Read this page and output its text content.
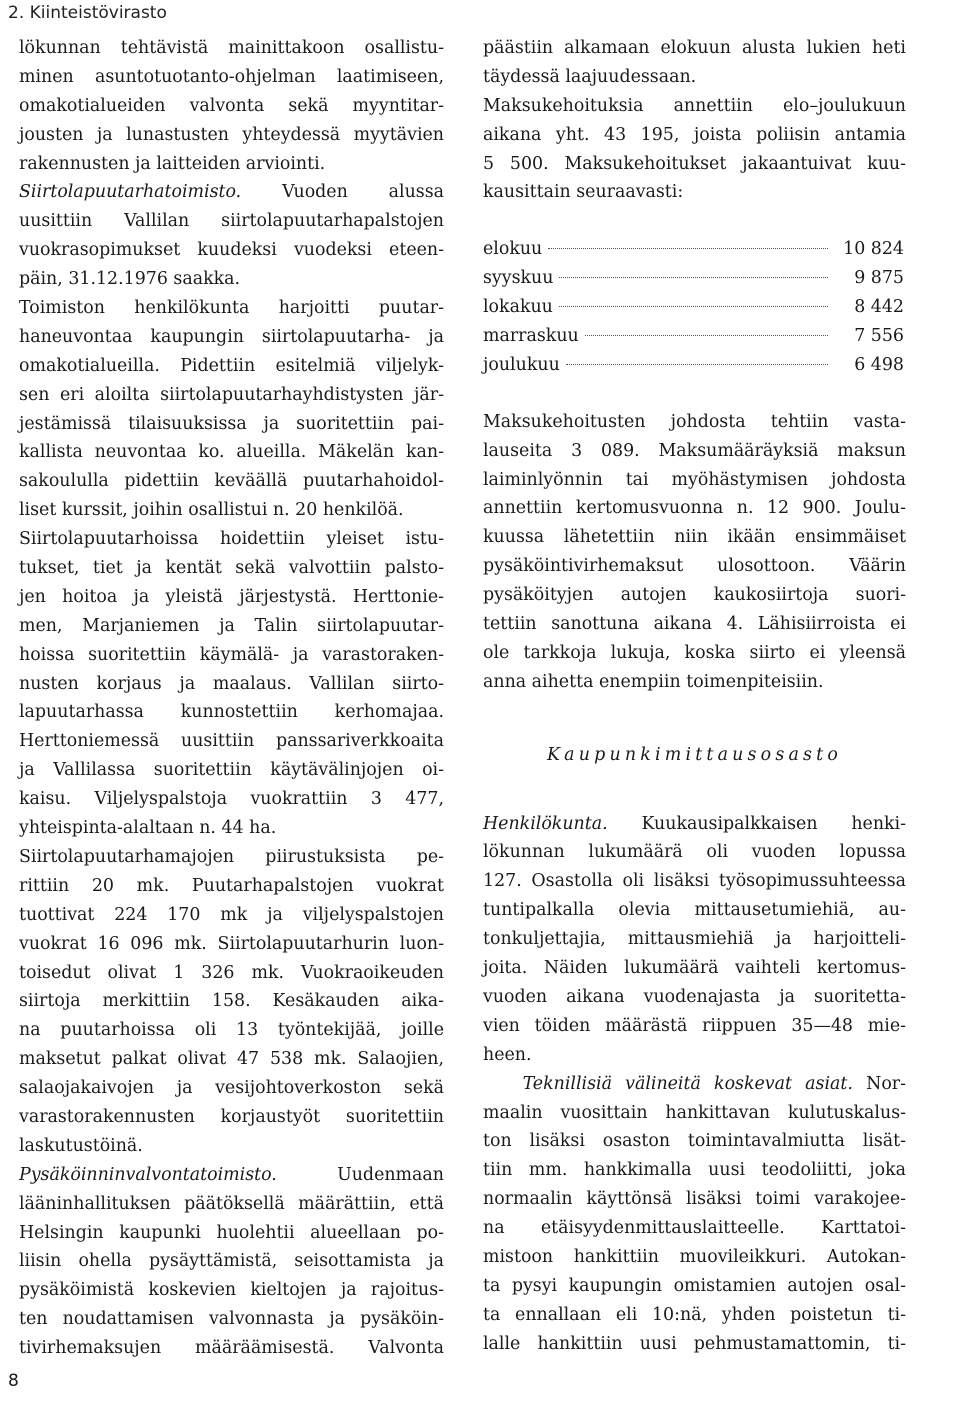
2. Kiinteistövirasto
lökunnan tehtävistä mainittakoon osallistu-
minen asuntotuotanto-ohjelman laatimiseen,
omakotialueiden valvonta sekä myyntitar-
jousten ja lunastusten yhteydessä myytävien
rakennusten ja laitteiden arviointi.
Siirtolapuutarhatoimisto. Vuoden alussa
uusittiin Vallilan siirtolapuutarhapalstojen
vuokrasopimukset kuudeksi vuodeksi eteen-
päin, 31.12.1976 saakka.
Toimiston henkilökunta harjoitti puutar-
haneuvontaa kaupungin siirtolapuutarha- ja
omakotialueilla. Pidettiin esitelmiä viljelyk-
sen eri aloilta siirtolapuutarhayhdistysten jär-
jestämissä tilaisuuksissa ja suoritettiin pai-
kallista neuvontaa ko. alueilla. Mäkelän kan-
sakoululla pidettiin keväällä puutarhahoidol-
liset kurssit, joihin osallistui n. 20 henkilöä.
Siirtolapuutarhoissa hoidettiin yleiset istu-
tukset, tiet ja kentät sekä valvottiin palsto-
jen hoitoa ja yleistä järjestystä. Herttonie-
men, Marjaniemen ja Talin siirtolapuutar-
hoissa suoritettiin käymälä- ja varastoraken-
nusten korjaus ja maalaus. Vallilan siirto-
lapuutarhassa kunnostettiin kerhomajaa.
Herttoniemessä uusittiin panssariverkkoaita
ja Vallilassa suoritettiin käytävälinjojen oi-
kaisu. Viljelyspalstoja vuokrattiin 3 477,
yhteispinta-alaltaan n. 44 ha.
Siirtolapuutarhamajojen piirustuksista pe-
rittiin 20 mk. Puutarhapalstojen vuokrat
tuottivat 224 170 mk ja viljelyspalstojen
vuokrat 16 096 mk. Siirtolapuutarhurin luon-
toisedut olivat 1 326 mk. Vuokraoikeuden
siirtoja merkittiin 158. Kesäkauden aika-
na puutarhoissa oli 13 työntekijää, joille
maksetut palkat olivat 47 538 mk. Salaojien,
salaojakaivojen ja vesijohtoverkoston sekä
varastorakennusten korjaustyöt suoritettiin
laskutustöinä.
Pysäköinninvalvontatoimisto.	Uudenmaan
lääninhallituksen päätöksellä määrättiin, että
Helsingin kaupunki huolehtii alueellaan po-
liisin ohella pysäyttämistä, seisottamista ja
pysäköimistä koskevien kieltojen ja rajoitus-
ten noudattamisen valvonnasta ja pysäköin-
tivirhemaksujen määräämisestä. Valvonta
päästiin alkamaan elokuun alusta lukien heti
täydessä laajuudessaan.
Maksukehoituksia annettiin elo–joulukuun
aikana yht. 43 195, joista poliisin antamia
5 500. Maksukehoitukset jakaantuivat kuu-
kausittain seuraavasti:
elokuu	10 824
syyskuu	9 875
lokakuu	8 442
marraskuu	7 556
joulukuu	6 498
Maksukehoitusten johdosta tehtiin vasta-
lauseita 3 089. Maksumääräyksiä maksun
laiminlyönnin tai myöhästymisen johdosta
annettiin kertomusvuonna n. 12 900. Joulu-
kuussa lähetettiin niin ikään ensimmäiset
pysäköintivirhemaksut ulosottoon. Väärin
pysäköityjen autojen kaukosiirtoja suori-
tettiin sanottuna aikana 4. Lähisiirroista ei
ole tarkkoja lukuja, koska siirto ei yleensä
anna aihetta enempiin toimenpiteisiin.
Kaupunkimittausosasto
Henkilökunta. Kuukausipalkkaisen henki-
lökunnan lukumäärä oli vuoden lopussa
127. Osastolla oli lisäksi työsopimussuhteessa
tuntipalkalla olevia mittausetumiehiä, au-
tonkuljettajia, mittausmiehiä ja harjoitteli-
joita. Näiden lukumäärä vaihteli kertomus-
vuoden aikana vuodenajasta ja suoritetta-
vien töiden määrästä riippuen 35—48 mie-
heen.
Teknillisiä välineitä koskevat asiat. Nor-
maalin vuosittain hankittavan kulutuskalus-
ton lisäksi osaston toimintavalmiutta lisät-
tiin mm. hankkimalla uusi teodoliitti, joka
normaalin käyttönsä lisäksi toimi varakojee-
na etäisyydenmittauslaitteelle. Karttatoi-
mistoon hankittiin muovileikkuri. Autokan-
ta pysyi kaupungin omistamien autojen osal-
ta ennallaan eli 10:nä, yhden poistetun ti-
lalle hankittiin uusi pehmustamattomin, ti-
8
